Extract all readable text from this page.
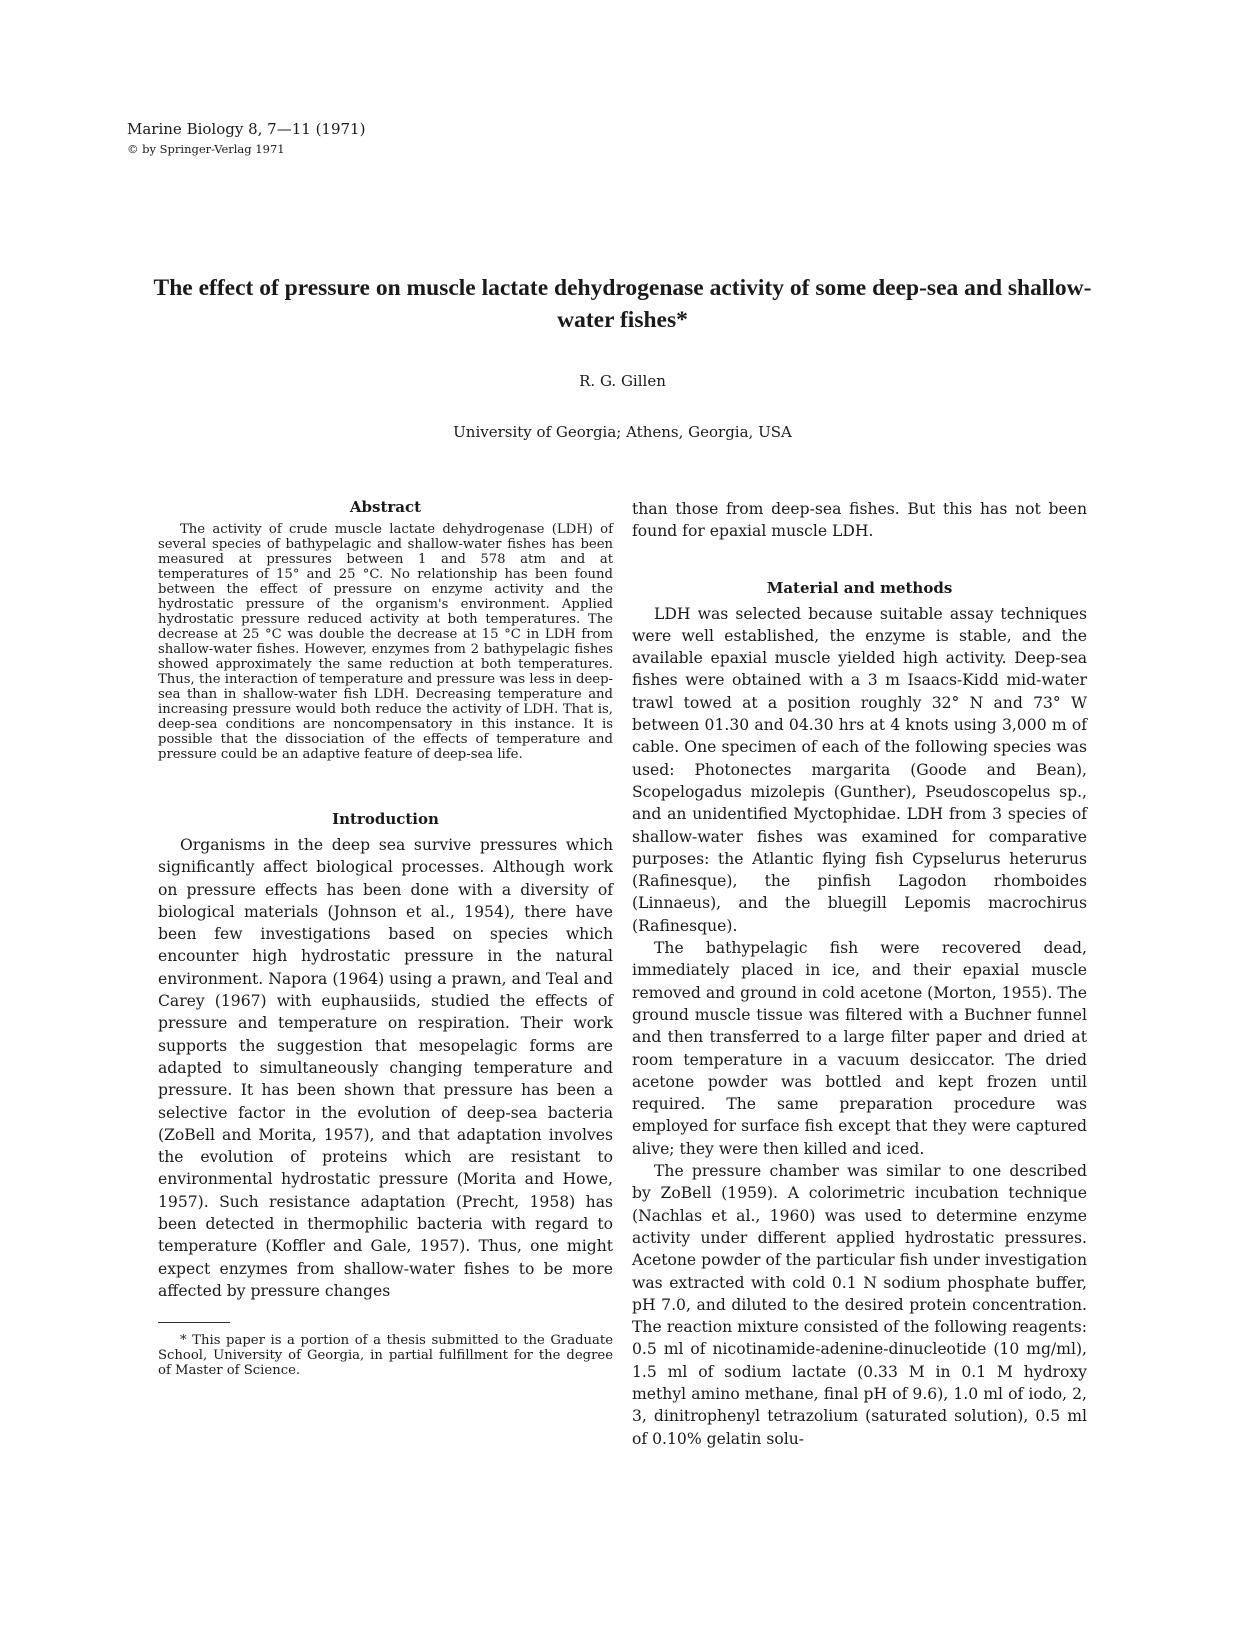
Marine Biology 8, 7—11 (1971)
© by Springer-Verlag 1971
The effect of pressure on muscle lactate dehydrogenase activity of some deep-sea and shallow-water fishes*
R. G. Gillen
University of Georgia; Athens, Georgia, USA
Abstract

The activity of crude muscle lactate dehydrogenase (LDH) of several species of bathypelagic and shallow-water fishes has been measured at pressures between 1 and 578 atm and at temperatures of 15° and 25 °C. No relationship has been found between the effect of pressure on enzyme activity and the hydrostatic pressure of the organism's environment. Applied hydrostatic pressure reduced activity at both temperatures. The decrease at 25 °C was double the decrease at 15 °C in LDH from shallow-water fishes. However, enzymes from 2 bathypelagic fishes showed approximately the same reduction at both temperatures. Thus, the interaction of temperature and pressure was less in deep-sea than in shallow-water fish LDH. Decreasing temperature and increasing pressure would both reduce the activity of LDH. That is, deep-sea conditions are noncompensatory in this instance. It is possible that the dissociation of the effects of temperature and pressure could be an adaptive feature of deep-sea life.

Introduction

Organisms in the deep sea survive pressures which significantly affect biological processes. Although work on pressure effects has been done with a diversity of biological materials (Johnson et al., 1954), there have been few investigations based on species which encounter high hydrostatic pressure in the natural environment. Napora (1964) using a prawn, and Teal and Carey (1967) with euphausiids, studied the effects of pressure and temperature on respiration. Their work supports the suggestion that mesopelagic forms are adapted to simultaneously changing temperature and pressure. It has been shown that pressure has been a selective factor in the evolution of deep-sea bacteria (ZoBell and Morita, 1957), and that adaptation involves the evolution of proteins which are resistant to environmental hydrostatic pressure (Morita and Howe, 1957). Such resistance adaptation (Precht, 1958) has been detected in thermophilic bacteria with regard to temperature (Koffler and Gale, 1957). Thus, one might expect enzymes from shallow-water fishes to be more affected by pressure changes

* This paper is a portion of a thesis submitted to the Graduate School, University of Georgia, in partial fulfillment for the degree of Master of Science.

than those from deep-sea fishes. But this has not been found for epaxial muscle LDH.

Material and methods

LDH was selected because suitable assay techniques were well established, the enzyme is stable, and the available epaxial muscle yielded high activity. Deep-sea fishes were obtained with a 3 m Isaacs-Kidd mid-water trawl towed at a position roughly 32° N and 73° W between 01.30 and 04.30 hrs at 4 knots using 3,000 m of cable. One specimen of each of the following species was used: Photonectes margarita (Goode and Bean), Scopelogadus mizolepis (Gunther), Pseudoscopelus sp., and an unidentified Myctophidae. LDH from 3 species of shallow-water fishes was examined for comparative purposes: the Atlantic flying fish Cypselurus heterurus (Rafinesque), the pinfish Lagodon rhomboides (Linnaeus), and the bluegill Lepomis macrochirus (Rafinesque).

The bathypelagic fish were recovered dead, immediately placed in ice, and their epaxial muscle removed and ground in cold acetone (Morton, 1955). The ground muscle tissue was filtered with a Buchner funnel and then transferred to a large filter paper and dried at room temperature in a vacuum desiccator. The dried acetone powder was bottled and kept frozen until required. The same preparation procedure was employed for surface fish except that they were captured alive; they were then killed and iced.

The pressure chamber was similar to one described by ZoBell (1959). A colorimetric incubation technique (Nachlas et al., 1960) was used to determine enzyme activity under different applied hydrostatic pressures. Acetone powder of the particular fish under investigation was extracted with cold 0.1 N sodium phosphate buffer, pH 7.0, and diluted to the desired protein concentration. The reaction mixture consisted of the following reagents: 0.5 ml of nicotinamide-adenine-dinucleotide (10 mg/ml), 1.5 ml of sodium lactate (0.33 M in 0.1 M hydroxy methyl amino methane, final pH of 9.6), 1.0 ml of iodo, 2, 3, dinitrophenyl tetrazolium (saturated solution), 0.5 ml of 0.10% gelatin solu-
